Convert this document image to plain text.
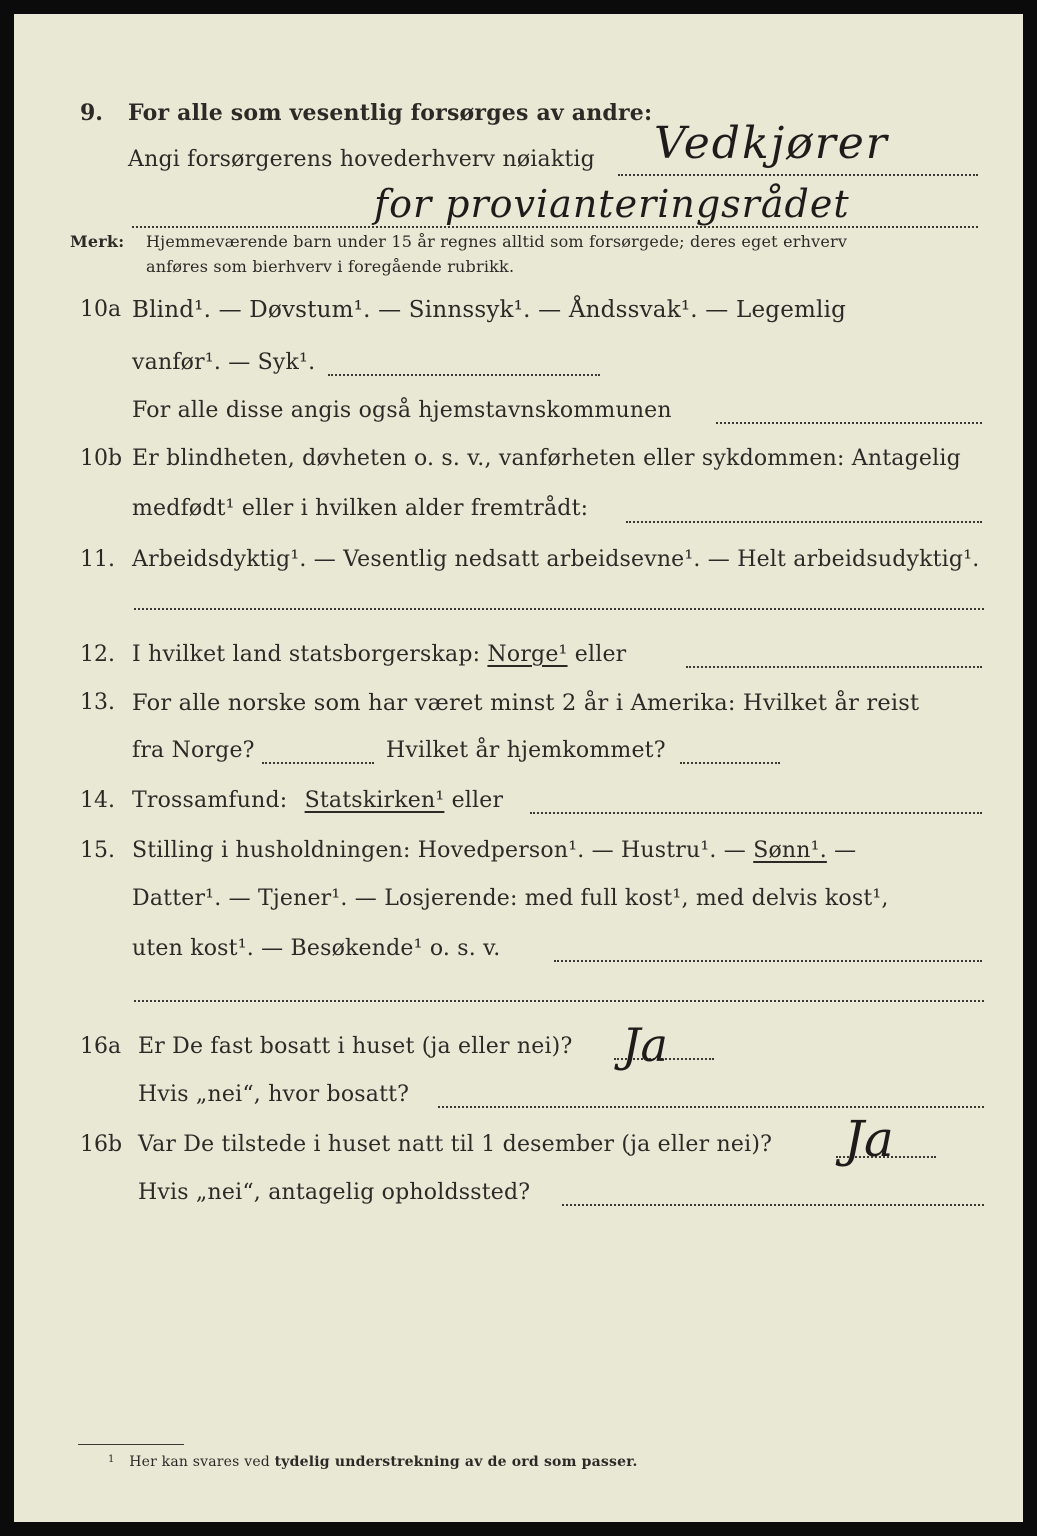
9. For alle som vesentlig forsørges av andre:
Angi forsørgerens hovederhverv nøiaktig Vedkjører
for provianteringsrådet
Merk: Hjemmeværende barn under 15 år regnes alltid som forsørgede; deres eget erhverv
anføres som bierhverv i foregående rubrikk.
10a Blind¹. — Døvstum¹. — Sinnssyk¹. — Åndssvak¹. — Legemlig
vanfør¹. — Syk¹.
For alle disse angis også hjemstavnskommunen
10b Er blindheten, døvheten o. s. v., vanførheten eller sykdommen: Antagelig
medfødt¹ eller i hvilken alder fremtrådt:
11. Arbeidsdyktig¹. — Vesentlig nedsatt arbeidsevne¹. — Helt arbeidsudyktig¹.
12. I hvilket land statsborgerskap: Norge¹ eller
13. For alle norske som har været minst 2 år i Amerika: Hvilket år reist
fra Norge?	Hvilket år hjemkommet?
14. Trossamfund: Statskirken¹ eller
15. Stilling i husholdningen: Hovedperson¹. — Hustru¹. — Sønn¹. —
Datter¹. — Tjener¹. — Losjerende: med full kost¹, med delvis kost¹,
uten kost¹. — Besøkende¹ o. s. v.
16a Er De fast bosatt i huset (ja eller nei)? Ja
Hvis „nei“, hvor bosatt?
16b Var De tilstede i huset natt til 1 desember (ja eller nei)? Ja
Hvis „nei“, antagelig opholdssted?
$^1$ Her kan svares ved tydelig understrekning av de ord som passer.
